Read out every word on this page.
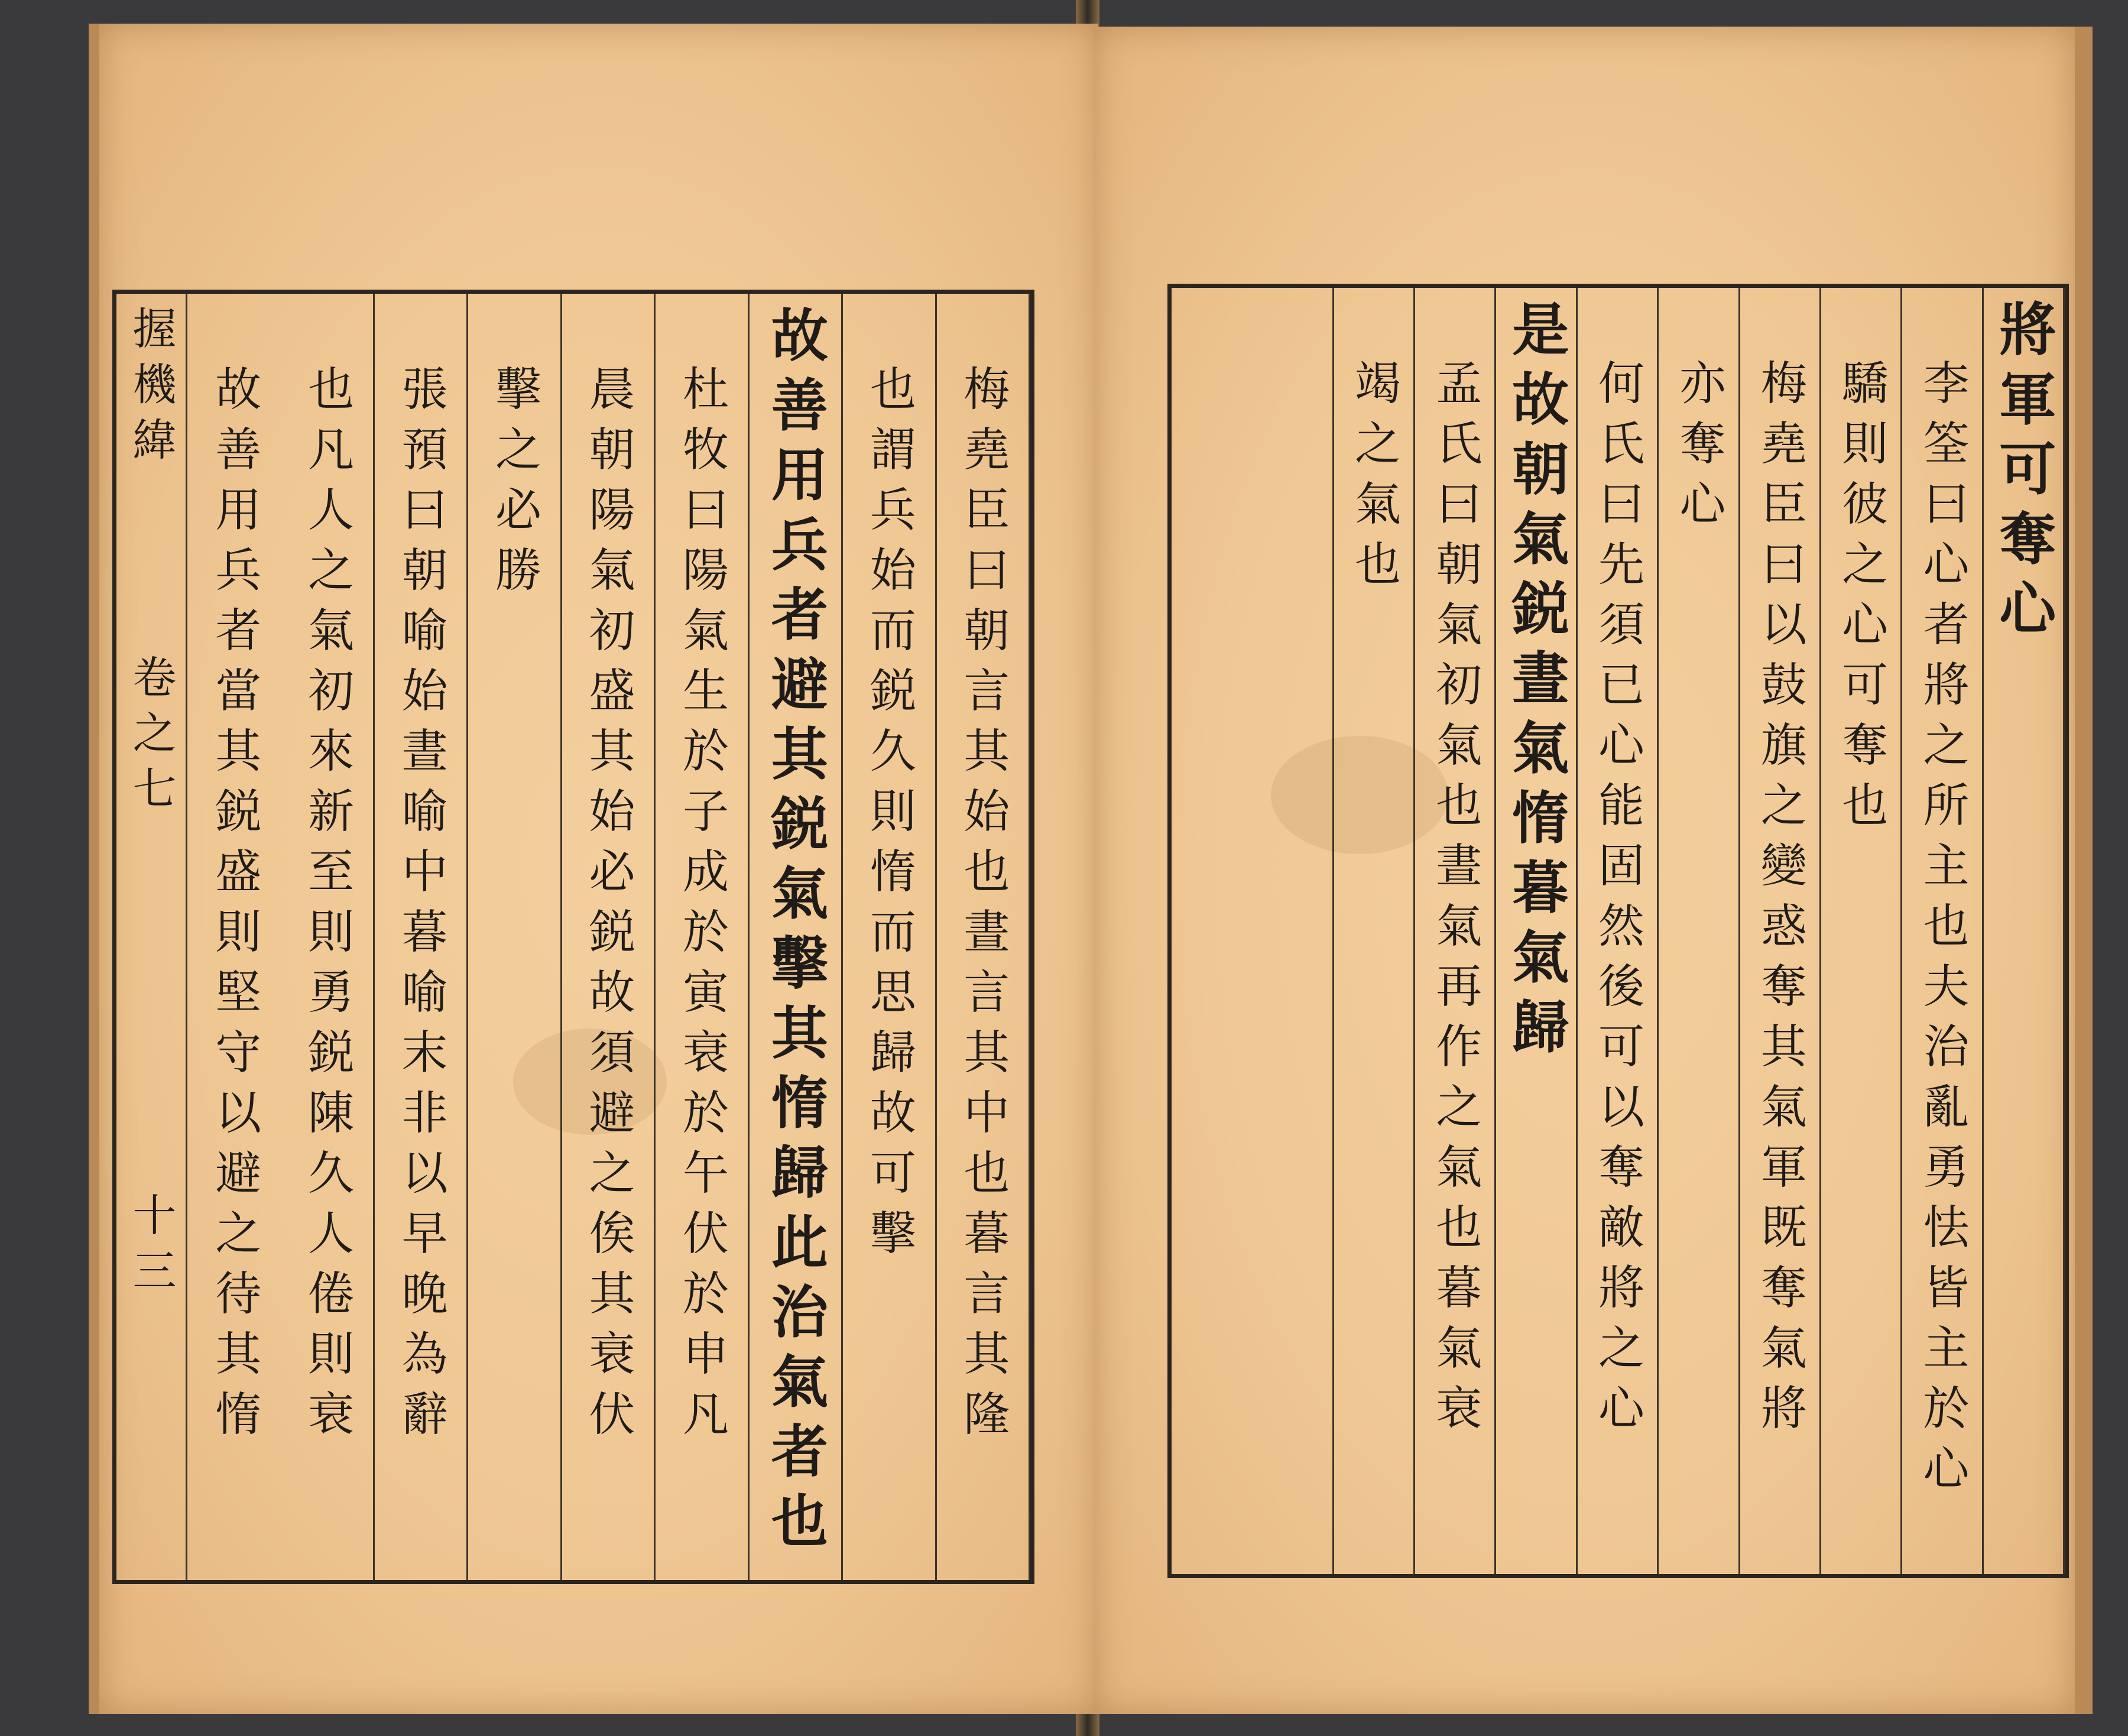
握機緯
卷之七
十三	梅堯臣曰朝言其始也晝言其中也暮言其隆
也謂兵始而鋭久則惰而思歸故可擊
故善用兵者避其鋭氣擊其惰歸此治氣者也
杜牧曰陽氣生於子成於寅衰於午伏於申凡
晨朝陽氣初盛其始必鋭故須避之俟其衰伏
擊之必勝
張預曰朝喻始晝喻中暮喻末非以早晚為辭
也凡人之氣初來新至則勇鋭陳久人倦則衰
故善用兵者當其鋭盛則堅守以避之待其惰	將軍可奪心
李筌曰心者將之所主也夫治亂勇怯皆主於心
驕則彼之心可奪也
梅堯臣曰以鼓旗之變惑奪其氣軍既奪氣將
亦奪心
何氏曰先須已心能固然後可以奪敵將之心
是故朝氣鋭晝氣惰暮氣歸
孟氏曰朝氣初氣也晝氣再作之氣也暮氣衰
竭之氣也
